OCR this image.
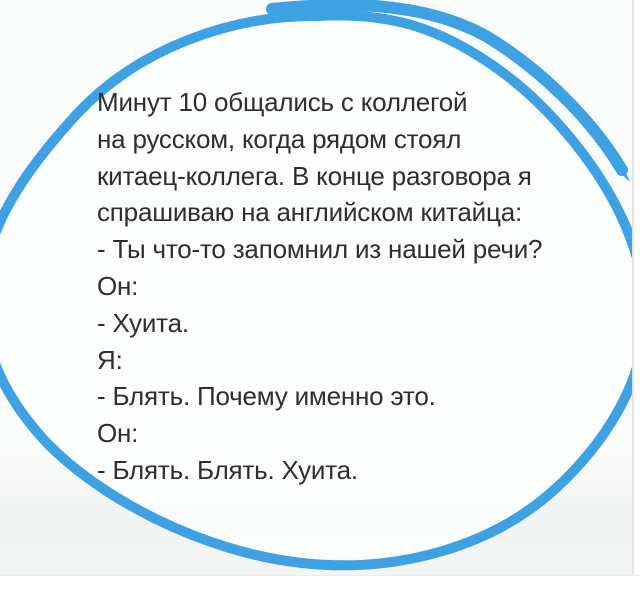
Минут 10 общались с коллегой
на русском, когда рядом стоял
китаец-коллега. В конце разговора я
спрашиваю на английском китайца:
- Ты что-то запомнил из нашей речи?
Он:
- Хуита.
Я:
- Блять. Почему именно это.
Он:
- Блять. Блять. Хуита.
